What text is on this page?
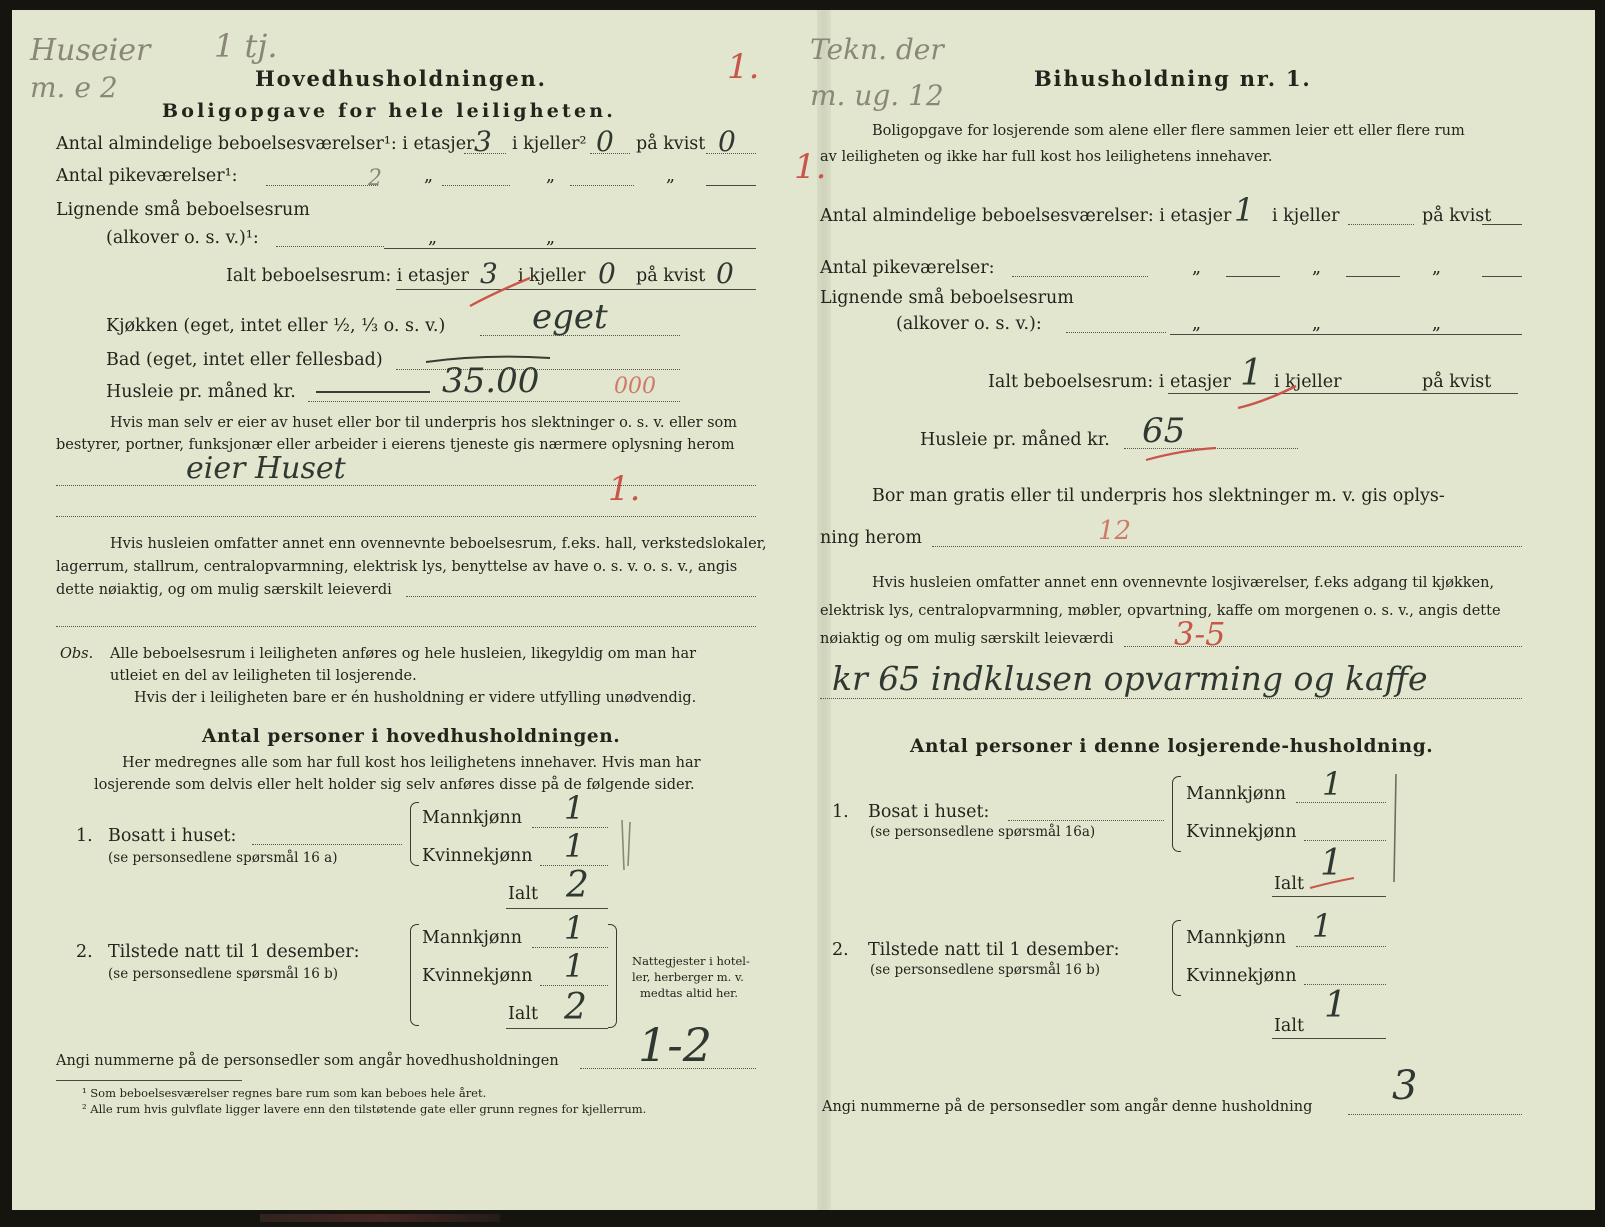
Huseier
m. e 2
1 tj.
1.
Hovedhusholdningen.
Boligopgave for hele leiligheten.
Antal almindelige beboelsesværelser¹: i etasjer 3 i kjeller² 0 på kvist 0
Antal pikeværelser¹:	2 „	„	„
Lignende små beboelsesrum
(alkover o. s. v.)¹:	„	„
Ialt beboelsesrum: i etasjer 3 i kjeller 0 på kvist 0
Kjøkken (eget, intet eller ½, ⅓ o. s. v.)	eget
Bad (eget, intet eller fellesbad)
Husleie pr. måned kr.	35.00	000
Hvis man selv er eier av huset eller bor til underpris hos slektninger o. s. v. eller som
bestyrer, portner, funksjonær eller arbeider i eierens tjeneste gis nærmere oplysning herom
eier Huset
1.
Hvis husleien omfatter annet enn ovennevnte beboelsesrum, f.eks. hall, verkstedslokaler,
lagerrum, stallrum, centralopvarmning, elektrisk lys, benyttelse av have o. s. v. o. s. v., angis
dette nøiaktig, og om mulig særskilt leieverdi
Obs. Alle beboelsesrum i leiligheten anføres og hele husleien, likegyldig om man har
utleiet en del av leiligheten til losjerende.
Hvis der i leiligheten bare er én husholdning er videre utfylling unødvendig.
Antal personer i hovedhusholdningen.
Her medregnes alle som har full kost hos leilighetens innehaver. Hvis man har
losjerende som delvis eller helt holder sig selv anføres disse på de følgende sider.
1. Bosatt i huset:
(se personsedlene spørsmål 16 a)
Mannkjønn 1
Kvinnekjønn 1
Ialt 2
2. Tilstede natt til 1 desember:
(se personsedlene spørsmål 16 b)
Mannkjønn 1
Kvinnekjønn 1
Ialt 2
Nattegjester i hotel-
ler, herberger m. v.
medtas altid her.
Angi nummerne på de personsedler som angår hovedhusholdningen 1-2
¹ Som beboelsesværelser regnes bare rum som kan beboes hele året.
² Alle rum hvis gulvflate ligger lavere enn den tilstøtende gate eller grunn regnes for kjellerrum.
Tekn. der
m. ug. 12
1.
Bihusholdning nr. 1.
Boligopgave for losjerende som alene eller flere sammen leier ett eller flere rum
av leiligheten og ikke har full kost hos leilighetens innehaver.
Antal almindelige beboelsesværelser: i etasjer 1 i kjeller	på kvist
Antal pikeværelser:	„	„	„
Lignende små beboelsesrum
(alkover o. s. v.):	„	„	„
Ialt beboelsesrum: i etasjer 1 i kjeller	på kvist
Husleie pr. måned kr. 65
Bor man gratis eller til underpris hos slektninger m. v. gis oplys-
ning herom	12
Hvis husleien omfatter annet enn ovennevnte losjiværelser, f.eks adgang til kjøkken,
elektrisk lys, centralopvarmning, møbler, opvartning, kaffe om morgenen o. s. v., angis dette
nøiaktig og om mulig særskilt leieværdi 3-5
kr 65 indklusen opvarming og kaffe
Antal personer i denne losjerende-husholdning.
1. Bosat i huset:
(se personsedlene spørsmål 16a)
Mannkjønn 1
Kvinnekjønn
Ialt 1
2. Tilstede natt til 1 desember:
(se personsedlene spørsmål 16 b)
Mannkjønn 1
Kvinnekjønn
Ialt 1
Angi nummerne på de personsedler som angår denne husholdning 3
